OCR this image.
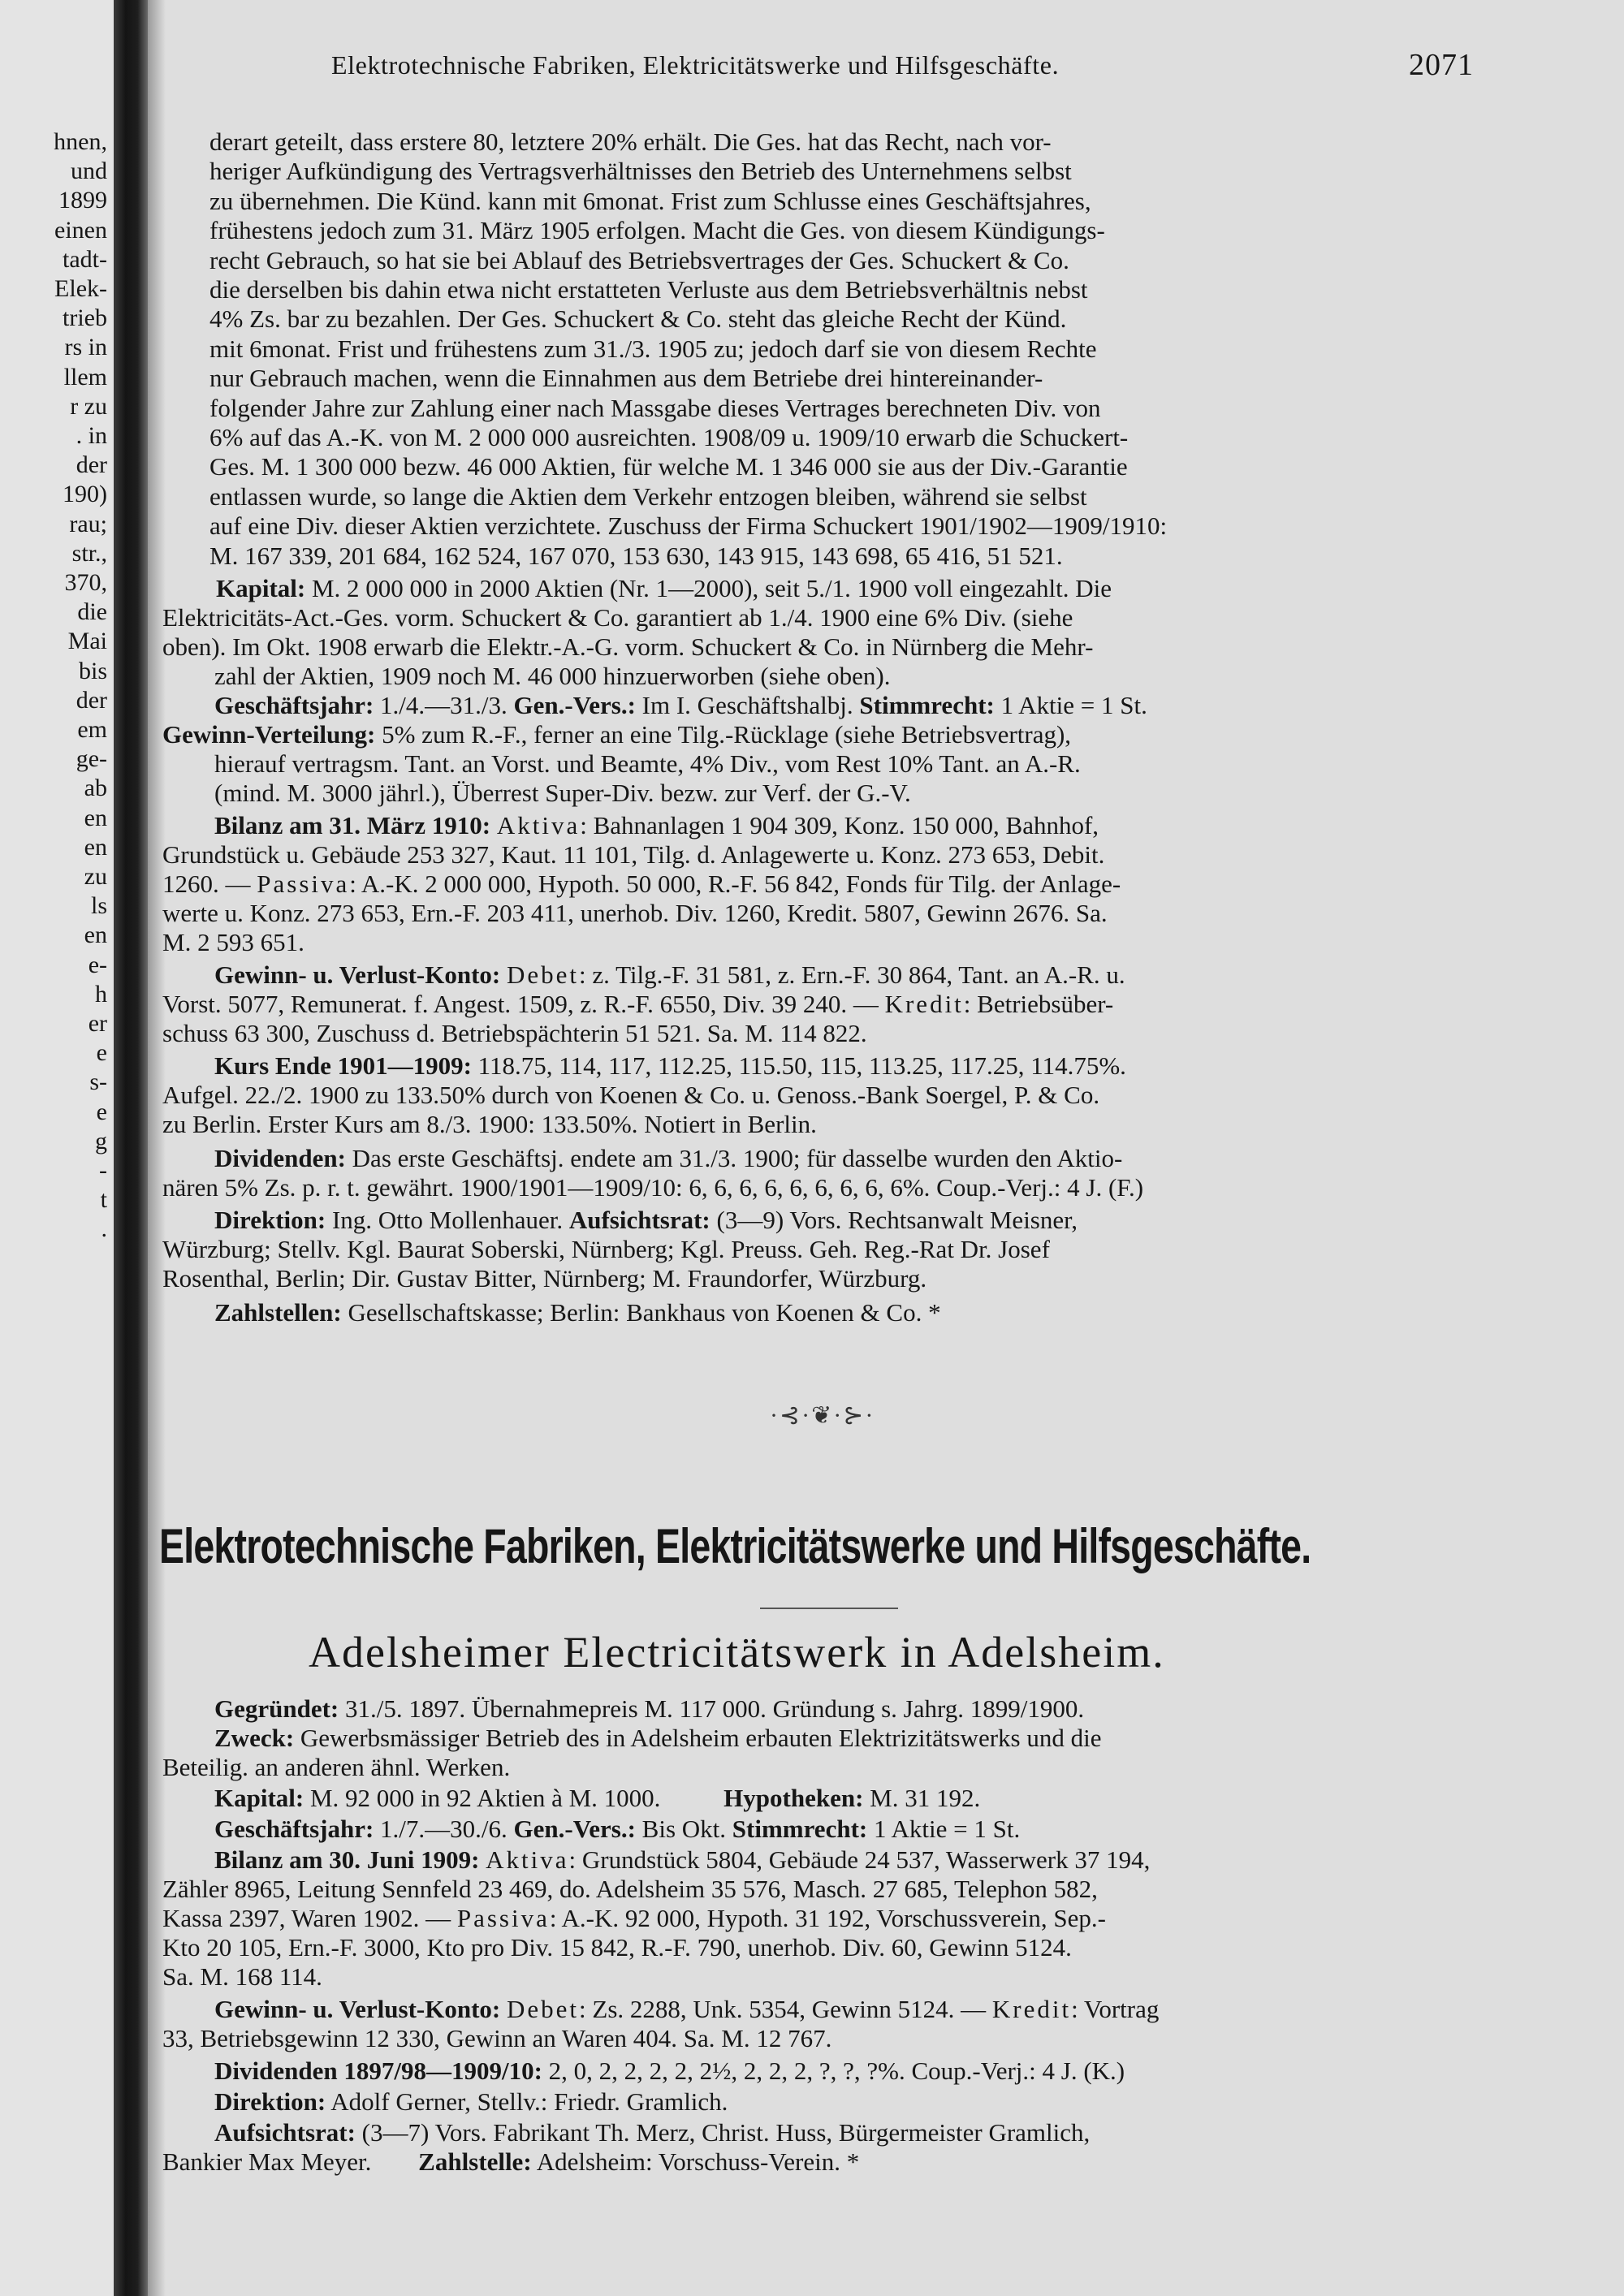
hnen,
und
1899
einen
tadt-
Elek-
trieb
rs in
llem
r zu
. in
der
190)
rau;
str.,
370,
die
Mai
bis
der
em
ge-
ab
en
en
zu
ls
en
e-
h
er
e
s-
e
g
-
t
.
Elektrotechnische Fabriken, Elektricitätswerke und Hilfsgeschäfte.	2071
derart geteilt, dass erstere 80, letztere 20% erhält. Die Ges. hat das Recht, nach vor-
heriger Aufkündigung des Vertragsverhältnisses den Betrieb des Unternehmens selbst
zu übernehmen. Die Künd. kann mit 6monat. Frist zum Schlusse eines Geschäftsjahres,
frühestens jedoch zum 31. März 1905 erfolgen. Macht die Ges. von diesem Kündigungs-
recht Gebrauch, so hat sie bei Ablauf des Betriebsvertrages der Ges. Schuckert & Co.
die derselben bis dahin etwa nicht erstatteten Verluste aus dem Betriebsverhältnis nebst
4% Zs. bar zu bezahlen. Der Ges. Schuckert & Co. steht das gleiche Recht der Künd.
mit 6monat. Frist und frühestens zum 31./3. 1905 zu; jedoch darf sie von diesem Rechte
nur Gebrauch machen, wenn die Einnahmen aus dem Betriebe drei hintereinander-
folgender Jahre zur Zahlung einer nach Massgabe dieses Vertrages berechneten Div. von
6% auf das A.-K. von M. 2 000 000 ausreichten. 1908/09 u. 1909/10 erwarb die Schuckert-
Ges. M. 1 300 000 bezw. 46 000 Aktien, für welche M. 1 346 000 sie aus der Div.-Garantie
entlassen wurde, so lange die Aktien dem Verkehr entzogen bleiben, während sie selbst
auf eine Div. dieser Aktien verzichtete. Zuschuss der Firma Schuckert 1901/1902—1909/1910:
M. 167 339, 201 684, 162 524, 167 070, 153 630, 143 915, 143 698, 65 416, 51 521.
Kapital: M. 2 000 000 in 2000 Aktien (Nr. 1—2000), seit 5./1. 1900 voll eingezahlt. Die
Elektricitäts-Act.-Ges. vorm. Schuckert & Co. garantiert ab 1./4. 1900 eine 6% Div. (siehe
oben). Im Okt. 1908 erwarb die Elektr.-A.-G. vorm. Schuckert & Co. in Nürnberg die Mehr-
zahl der Aktien, 1909 noch M. 46 000 hinzuerworben (siehe oben).
Geschäftsjahr: 1./4.—31./3. Gen.-Vers.: Im I. Geschäftshalbj. Stimmrecht: 1 Aktie = 1 St.
Gewinn-Verteilung: 5% zum R.-F., ferner an eine Tilg.-Rücklage (siehe Betriebsvertrag),
hierauf vertragsm. Tant. an Vorst. und Beamte, 4% Div., vom Rest 10% Tant. an A.-R.
(mind. M. 3000 jährl.), Überrest Super-Div. bezw. zur Verf. der G.-V.
Bilanz am 31. März 1910: Aktiva: Bahnanlagen 1 904 309, Konz. 150 000, Bahnhof,
Grundstück u. Gebäude 253 327, Kaut. 11 101, Tilg. d. Anlagewerte u. Konz. 273 653, Debit.
1260. — Passiva: A.-K. 2 000 000, Hypoth. 50 000, R.-F. 56 842, Fonds für Tilg. der Anlage-
werte u. Konz. 273 653, Ern.-F. 203 411, unerhob. Div. 1260, Kredit. 5807, Gewinn 2676. Sa.
M. 2 593 651.
Gewinn- u. Verlust-Konto: Debet: z. Tilg.-F. 31 581, z. Ern.-F. 30 864, Tant. an A.-R. u.
Vorst. 5077, Remunerat. f. Angest. 1509, z. R.-F. 6550, Div. 39 240. — Kredit: Betriebsüber-
schuss 63 300, Zuschuss d. Betriebspächterin 51 521. Sa. M. 114 822.
Kurs Ende 1901—1909: 118.75, 114, 117, 112.25, 115.50, 115, 113.25, 117.25, 114.75%.
Aufgel. 22./2. 1900 zu 133.50% durch von Koenen & Co. u. Genoss.-Bank Soergel, P. & Co.
zu Berlin. Erster Kurs am 8./3. 1900: 133.50%. Notiert in Berlin.
Dividenden: Das erste Geschäftsj. endete am 31./3. 1900; für dasselbe wurden den Aktio-
nären 5% Zs. p. r. t. gewährt. 1900/1901—1909/10: 6, 6, 6, 6, 6, 6, 6, 6, 6%. Coup.-Verj.: 4 J. (F.)
Direktion: Ing. Otto Mollenhauer. Aufsichtsrat: (3—9) Vors. Rechtsanwalt Meisner,
Würzburg; Stellv. Kgl. Baurat Soberski, Nürnberg; Kgl. Preuss. Geh. Reg.-Rat Dr. Josef
Rosenthal, Berlin; Dir. Gustav Bitter, Nürnberg; M. Fraundorfer, Würzburg.
Zahlstellen: Gesellschaftskasse; Berlin: Bankhaus von Koenen & Co. *
·⊰·❦·⊱·
Elektrotechnische Fabriken, Elektricitätswerke und Hilfsgeschäfte.
Adelsheimer Electricitätswerk in Adelsheim.
Gegründet: 31./5. 1897. Übernahmepreis M. 117 000. Gründung s. Jahrg. 1899/1900.
Zweck: Gewerbsmässiger Betrieb des in Adelsheim erbauten Elektrizitätswerks und die
Beteilig. an anderen ähnl. Werken.
Kapital: M. 92 000 in 92 Aktien à M. 1000. Hypotheken: M. 31 192.
Geschäftsjahr: 1./7.—30./6. Gen.-Vers.: Bis Okt. Stimmrecht: 1 Aktie = 1 St.
Bilanz am 30. Juni 1909: Aktiva: Grundstück 5804, Gebäude 24 537, Wasserwerk 37 194,
Zähler 8965, Leitung Sennfeld 23 469, do. Adelsheim 35 576, Masch. 27 685, Telephon 582,
Kassa 2397, Waren 1902. — Passiva: A.-K. 92 000, Hypoth. 31 192, Vorschussverein, Sep.-
Kto 20 105, Ern.-F. 3000, Kto pro Div. 15 842, R.-F. 790, unerhob. Div. 60, Gewinn 5124.
Sa. M. 168 114.
Gewinn- u. Verlust-Konto: Debet: Zs. 2288, Unk. 5354, Gewinn 5124. — Kredit: Vortrag
33, Betriebsgewinn 12 330, Gewinn an Waren 404. Sa. M. 12 767.
Dividenden 1897/98—1909/10: 2, 0, 2, 2, 2, 2, 2½, 2, 2, 2, ?, ?, ?%. Coup.-Verj.: 4 J. (K.)
Direktion: Adolf Gerner, Stellv.: Friedr. Gramlich.
Aufsichtsrat: (3—7) Vors. Fabrikant Th. Merz, Christ. Huss, Bürgermeister Gramlich,
Bankier Max Meyer. Zahlstelle: Adelsheim: Vorschuss-Verein. *
